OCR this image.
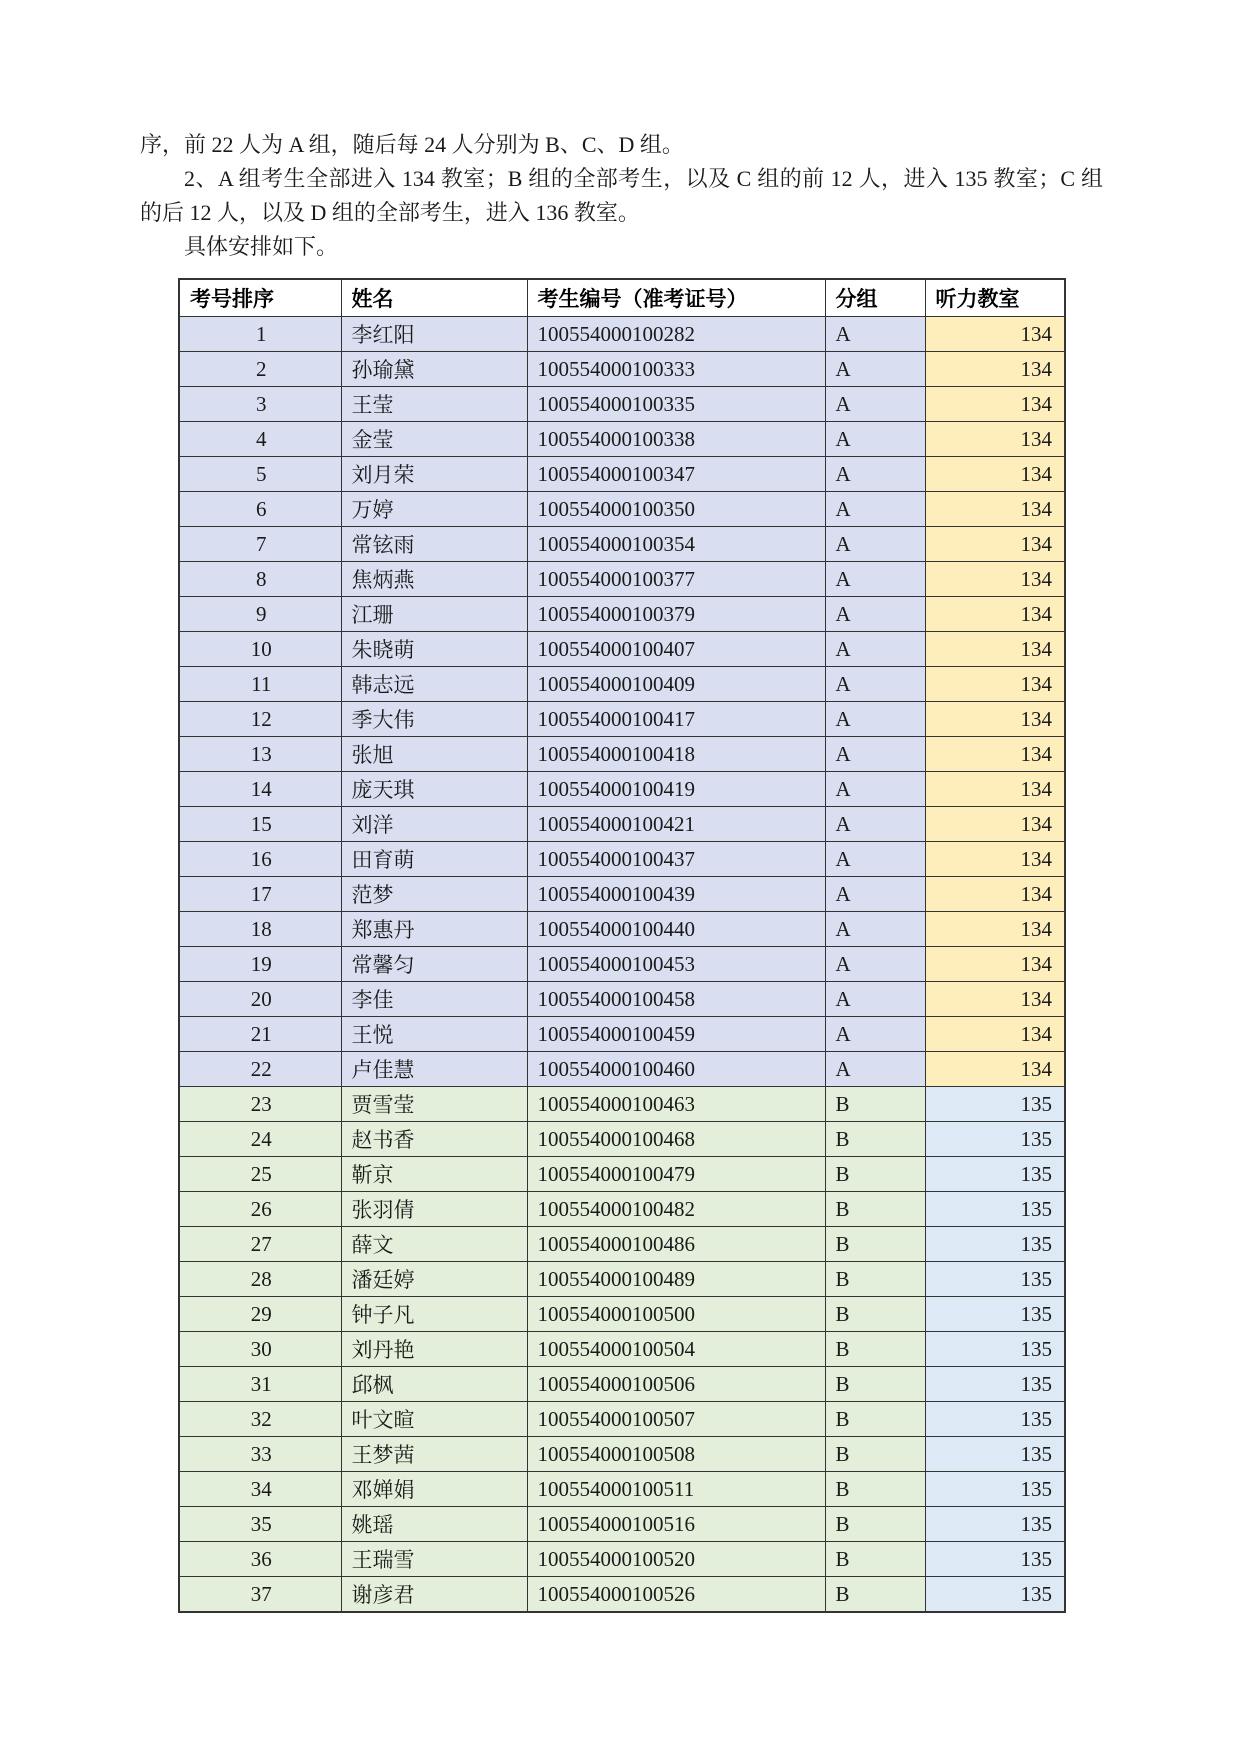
序，前 22 人为 A 组，随后每 24 人分别为 B、C、D 组。

2、A 组考生全部进入 134 教室；B 组的全部考生，以及 C 组的前 12 人，进入 135 教室；C 组的后 12 人，以及 D 组的全部考生，进入 136 教室。

具体安排如下。

考号排序	姓名	考生编号（准考证号）	分组	听力教室
1	李红阳	100554000100282	A	134
2	孙瑜黛	100554000100333	A	134
3	王莹	100554000100335	A	134
4	金莹	100554000100338	A	134
5	刘月荣	100554000100347	A	134
6	万婷	100554000100350	A	134
7	常铉雨	100554000100354	A	134
8	焦炳燕	100554000100377	A	134
9	江珊	100554000100379	A	134
10	朱晓萌	100554000100407	A	134
11	韩志远	100554000100409	A	134
12	季大伟	100554000100417	A	134
13	张旭	100554000100418	A	134
14	庞天琪	100554000100419	A	134
15	刘洋	100554000100421	A	134
16	田育萌	100554000100437	A	134
17	范梦	100554000100439	A	134
18	郑惠丹	100554000100440	A	134
19	常馨匀	100554000100453	A	134
20	李佳	100554000100458	A	134
21	王悦	100554000100459	A	134
22	卢佳慧	100554000100460	A	134
23	贾雪莹	100554000100463	B	135
24	赵书香	100554000100468	B	135
25	靳京	100554000100479	B	135
26	张羽倩	100554000100482	B	135
27	薛文	100554000100486	B	135
28	潘廷婷	100554000100489	B	135
29	钟子凡	100554000100500	B	135
30	刘丹艳	100554000100504	B	135
31	邱枫	100554000100506	B	135
32	叶文暄	100554000100507	B	135
33	王梦茜	100554000100508	B	135
34	邓婵娟	100554000100511	B	135
35	姚瑶	100554000100516	B	135
36	王瑞雪	100554000100520	B	135
37	谢彦君	100554000100526	B	135
